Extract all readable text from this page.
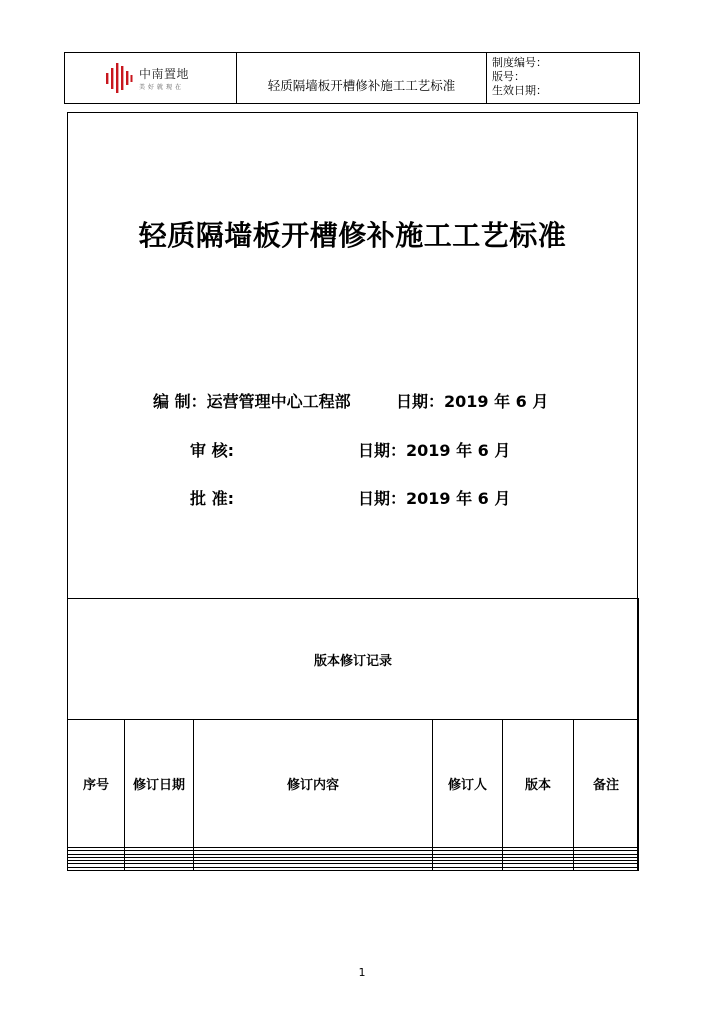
中南置地
美好就现在	轻质隔墙板开槽修补施工工艺标准
制度编号：
版号：
生效日期：
轻质隔墙板开槽修补施工工艺标准
编 制：运营管理中心工程部	日期：2019 年 6 月
审 核:	日期：2019 年 6 月
批 准:	日期：2019 年 6 月
版本修订记录					
序号	修订日期	修订内容	修订人	版本	备注

1
